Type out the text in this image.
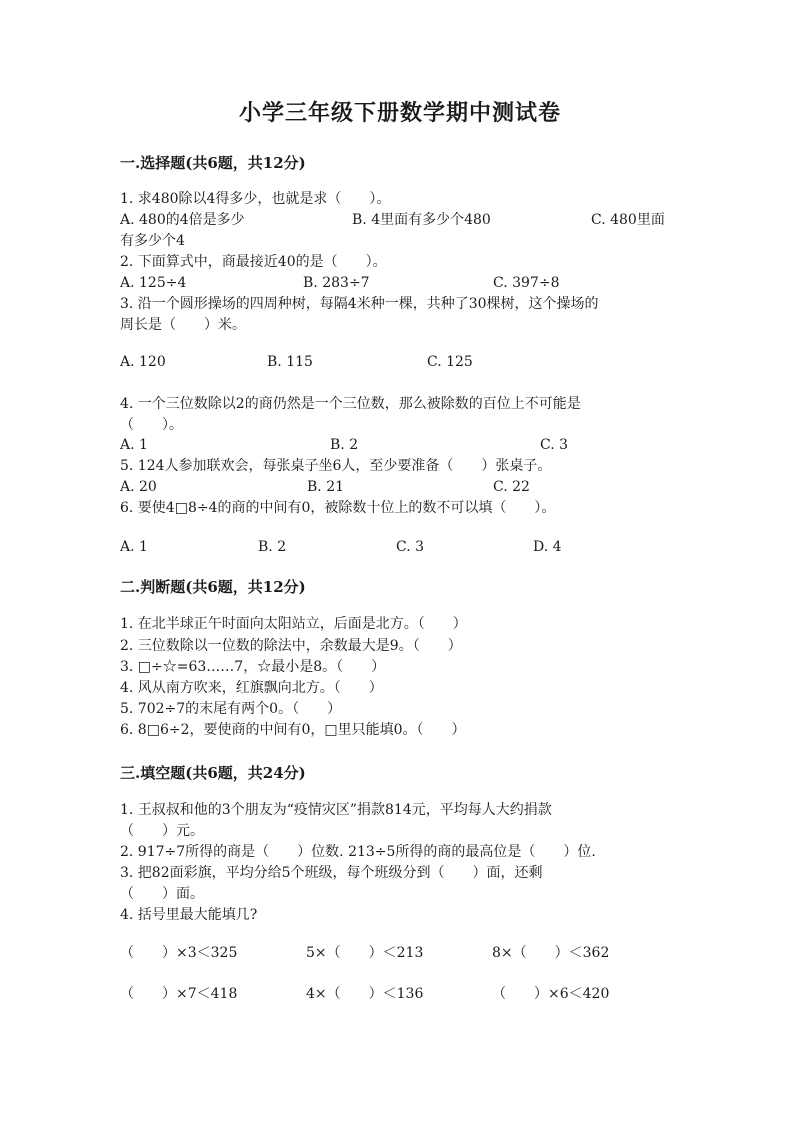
小学三年级下册数学期中测试卷
一.选择题(共6题，共12分)
1. 求480除以4得多少，也就是求（　　）。
A. 480的4倍是多少	B. 4里面有多少个480	C. 480里面
有多少个4
2. 下面算式中，商最接近40的是（　　）。
A. 125÷4	B. 283÷7	C. 397÷8
3. 沿一个圆形操场的四周种树，每隔4米种一棵，共种了30棵树，这个操场的
周长是（　　）米。
A. 120	B. 115	C. 125
4. 一个三位数除以2的商仍然是一个三位数，那么被除数的百位上不可能是
（　　）。
A. 1	B. 2	C. 3
5. 124人参加联欢会，每张桌子坐6人，至少要准备（　　）张桌子。
A. 20	B. 21	C. 22
6. 要使4□8÷4的商的中间有0，被除数十位上的数不可以填（　　）。
A. 1	B. 2	C. 3	D. 4
二.判断题(共6题，共12分)
1. 在北半球正午时面向太阳站立，后面是北方。（　　）
2. 三位数除以一位数的除法中，余数最大是9。（　　）
3. □÷☆=63……7，☆最小是8。（　　）
4. 风从南方吹来，红旗飘向北方。（　　）
5. 702÷7的末尾有两个0。（　　）
6. 8□6÷2，要使商的中间有0，□里只能填0。（　　）
三.填空题(共6题，共24分)
1. 王叔叔和他的3个朋友为“疫情灾区”捐款814元，平均每人大约捐款
（　　）元。
2. 917÷7所得的商是（　　）位数. 213÷5所得的商的最高位是（　　）位.
3. 把82面彩旗，平均分给5个班级，每个班级分到（　　）面，还剩
（　　）面。
4. 括号里最大能填几?
（　　）×3＜325	5×（　　）＜213	8×（　　）＜362
（　　）×7＜418	4×（　　）＜136	（　　）×6＜420
